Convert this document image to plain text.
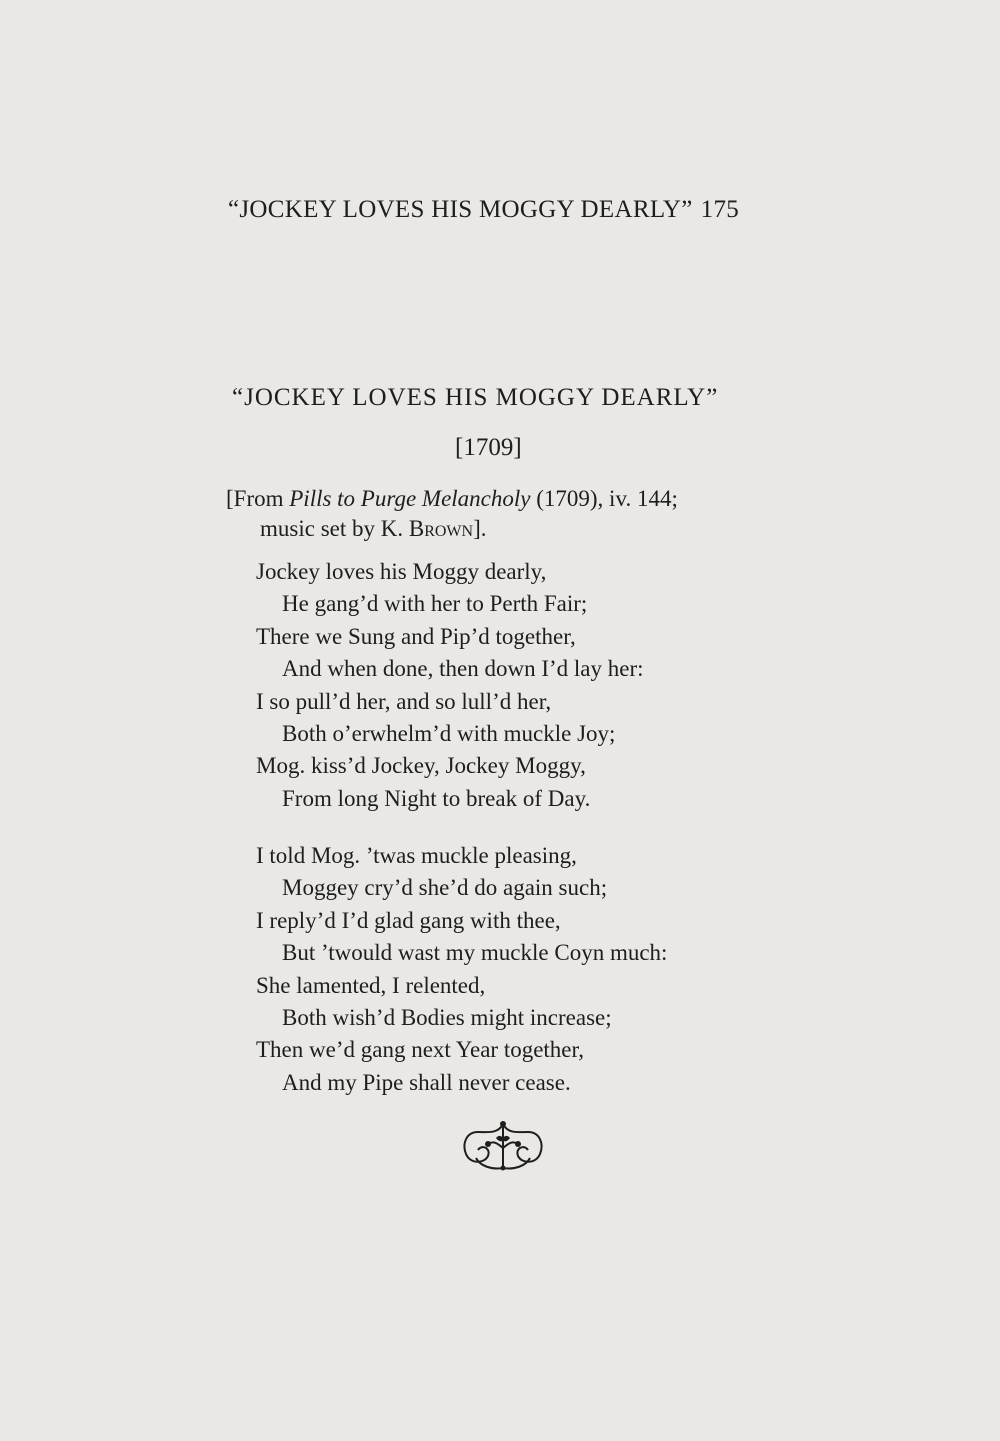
“JOCKEY LOVES HIS MOGGY DEARLY” 175
“JOCKEY LOVES HIS MOGGY DEARLY”
[1709]
[From Pills to Purge Melancholy (1709), iv. 144;
music set by K. Brown].
Jockey loves his Moggy dearly,
He gang’d with her to Perth Fair;
There we Sung and Pip’d together,
And when done, then down I’d lay her:
I so pull’d her, and so lull’d her,
Both o’erwhelm’d with muckle Joy;
Mog. kiss’d Jockey, Jockey Moggy,
From long Night to break of Day.
I told Mog. ’twas muckle pleasing,
Moggey cry’d she’d do again such;
I reply’d I’d glad gang with thee,
But ’twould wast my muckle Coyn much:
She lamented, I relented,
Both wish’d Bodies might increase;
Then we’d gang next Year together,
And my Pipe shall never cease.
